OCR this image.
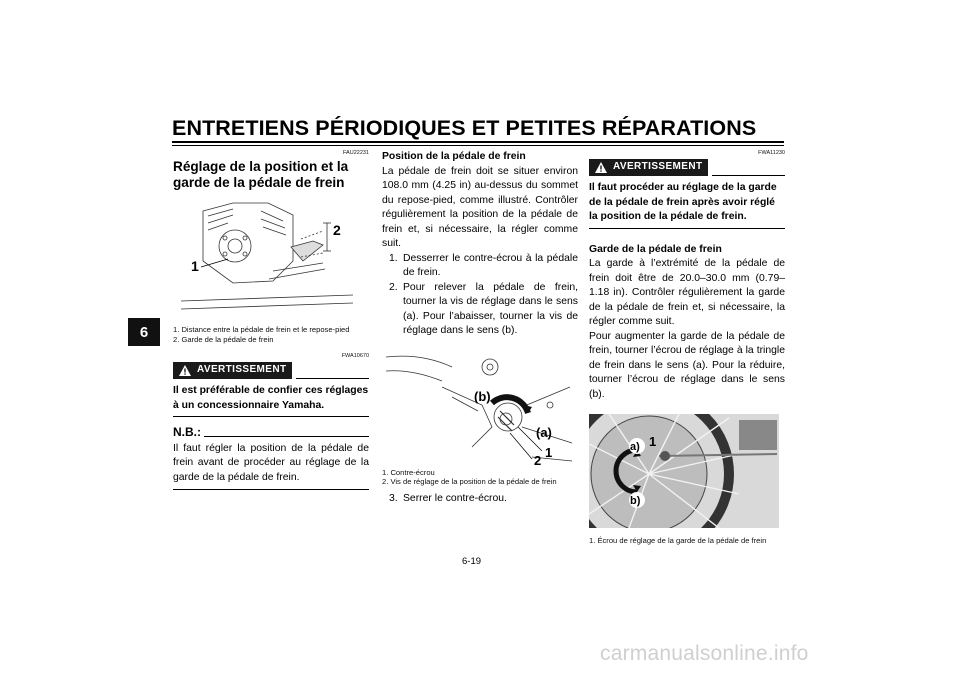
ENTRETIENS PÉRIODIQUES ET PETITES RÉPARATIONS
6
FAU22231
Réglage de la position et la garde de la pédale de frein
2
1
1. Distance entre la pédale de frein et le repose-pied
2. Garde de la pédale de frein
FWA10670
AVERTISSEMENT
Il est préférable de confier ces réglages à un concessionnaire Yamaha.
N.B.:

Il faut régler la position de la pédale de frein avant de procéder au réglage de la garde de la pédale de frein.

Position de la pédale de frein

La pédale de frein doit se situer environ 108.0 mm (4.25 in) au-dessus du sommet du repose-pied, comme illustré. Contrôler régulièrement la position de la pédale de frein et, si nécessaire, la régler comme suit.

1. Desserrer le contre-écrou à la pédale de frein.
2. Pour relever la pédale de frein, tourner la vis de réglage dans le sens (a). Pour l’abaisser, tourner la vis de réglage dans le sens (b).
(b)
(a)
1
2
1. Contre-écrou
2. Vis de réglage de la position de la pédale de frein
3. Serrer le contre-écrou.
FWA11230
AVERTISSEMENT
Il faut procéder au réglage de la garde de la pédale de frein après avoir réglé la position de la pédale de frein.
Garde de la pédale de frein

La garde à l’extrémité de la pédale de frein doit être de 20.0–30.0 mm (0.79–1.18 in). Contrôler régulièrement la garde de la pédale de frein et, si nécessaire, la régler comme suit.

Pour augmenter la garde de la pédale de frein, tourner l’écrou de réglage à la tringle de frein dans le sens (a). Pour la réduire, tourner l’écrou de réglage dans le sens (b).

a) 1
b)
1. Écrou de réglage de la garde de la pédale de frein
6-19
carmanualsonline.info
